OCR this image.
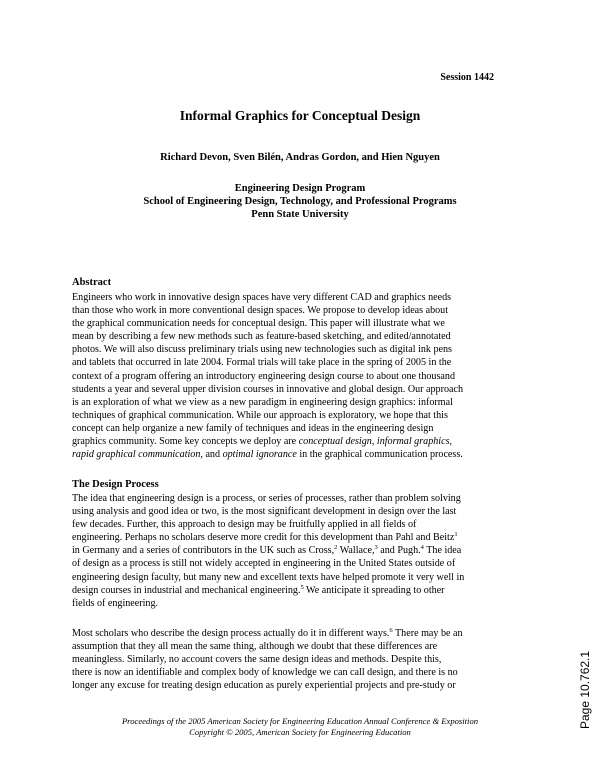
Session 1442
Informal Graphics for Conceptual Design
Richard Devon, Sven Bilén, Andras Gordon, and Hien Nguyen
Engineering Design Program
School of Engineering Design, Technology, and Professional Programs
Penn State University
Abstract
Engineers who work in innovative design spaces have very different CAD and graphics needs
than those who work in more conventional design spaces. We propose to develop ideas about
the graphical communication needs for conceptual design. This paper will illustrate what we
mean by describing a few new methods such as feature-based sketching, and edited/annotated
photos. We will also discuss preliminary trials using new technologies such as digital ink pens
and tablets that occurred in late 2004. Formal trials will take place in the spring of 2005 in the
context of a program offering an introductory engineering design course to about one thousand
students a year and several upper division courses in innovative and global design. Our approach
is an exploration of what we view as a new paradigm in engineering design graphics: informal
techniques of graphical communication. While our approach is exploratory, we hope that this
concept can help organize a new family of techniques and ideas in the engineering design
graphics community. Some key concepts we deploy are conceptual design, informal graphics,
rapid graphical communication, and optimal ignorance in the graphical communication process.
The Design Process
The idea that engineering design is a process, or series of processes, rather than problem solving
using analysis and good idea or two, is the most significant development in design over the last
few decades. Further, this approach to design may be fruitfully applied in all fields of
engineering. Perhaps no scholars deserve more credit for this development than Pahl and Beitz$^1$
in Germany and a series of contributors in the UK such as Cross,$^2$ Wallace,$^3$ and Pugh.$^4$ The idea
of design as a process is still not widely accepted in engineering in the United States outside of
engineering design faculty, but many new and excellent texts have helped promote it very well in
design courses in industrial and mechanical engineering.$^5$ We anticipate it spreading to other
fields of engineering.
Most scholars who describe the design process actually do it in different ways.$^6$ There may be an
assumption that they all mean the same thing, although we doubt that these differences are
meaningless. Similarly, no account covers the same design ideas and methods. Despite this,
there is now an identifiable and complex body of knowledge we can call design, and there is no
longer any excuse for treating design education as purely experiential projects and pre-study or
Proceedings of the 2005 American Society for Engineering Education Annual Conference & Exposition
Copyright © 2005, American Society for Engineering Education
Page 10.762.1
